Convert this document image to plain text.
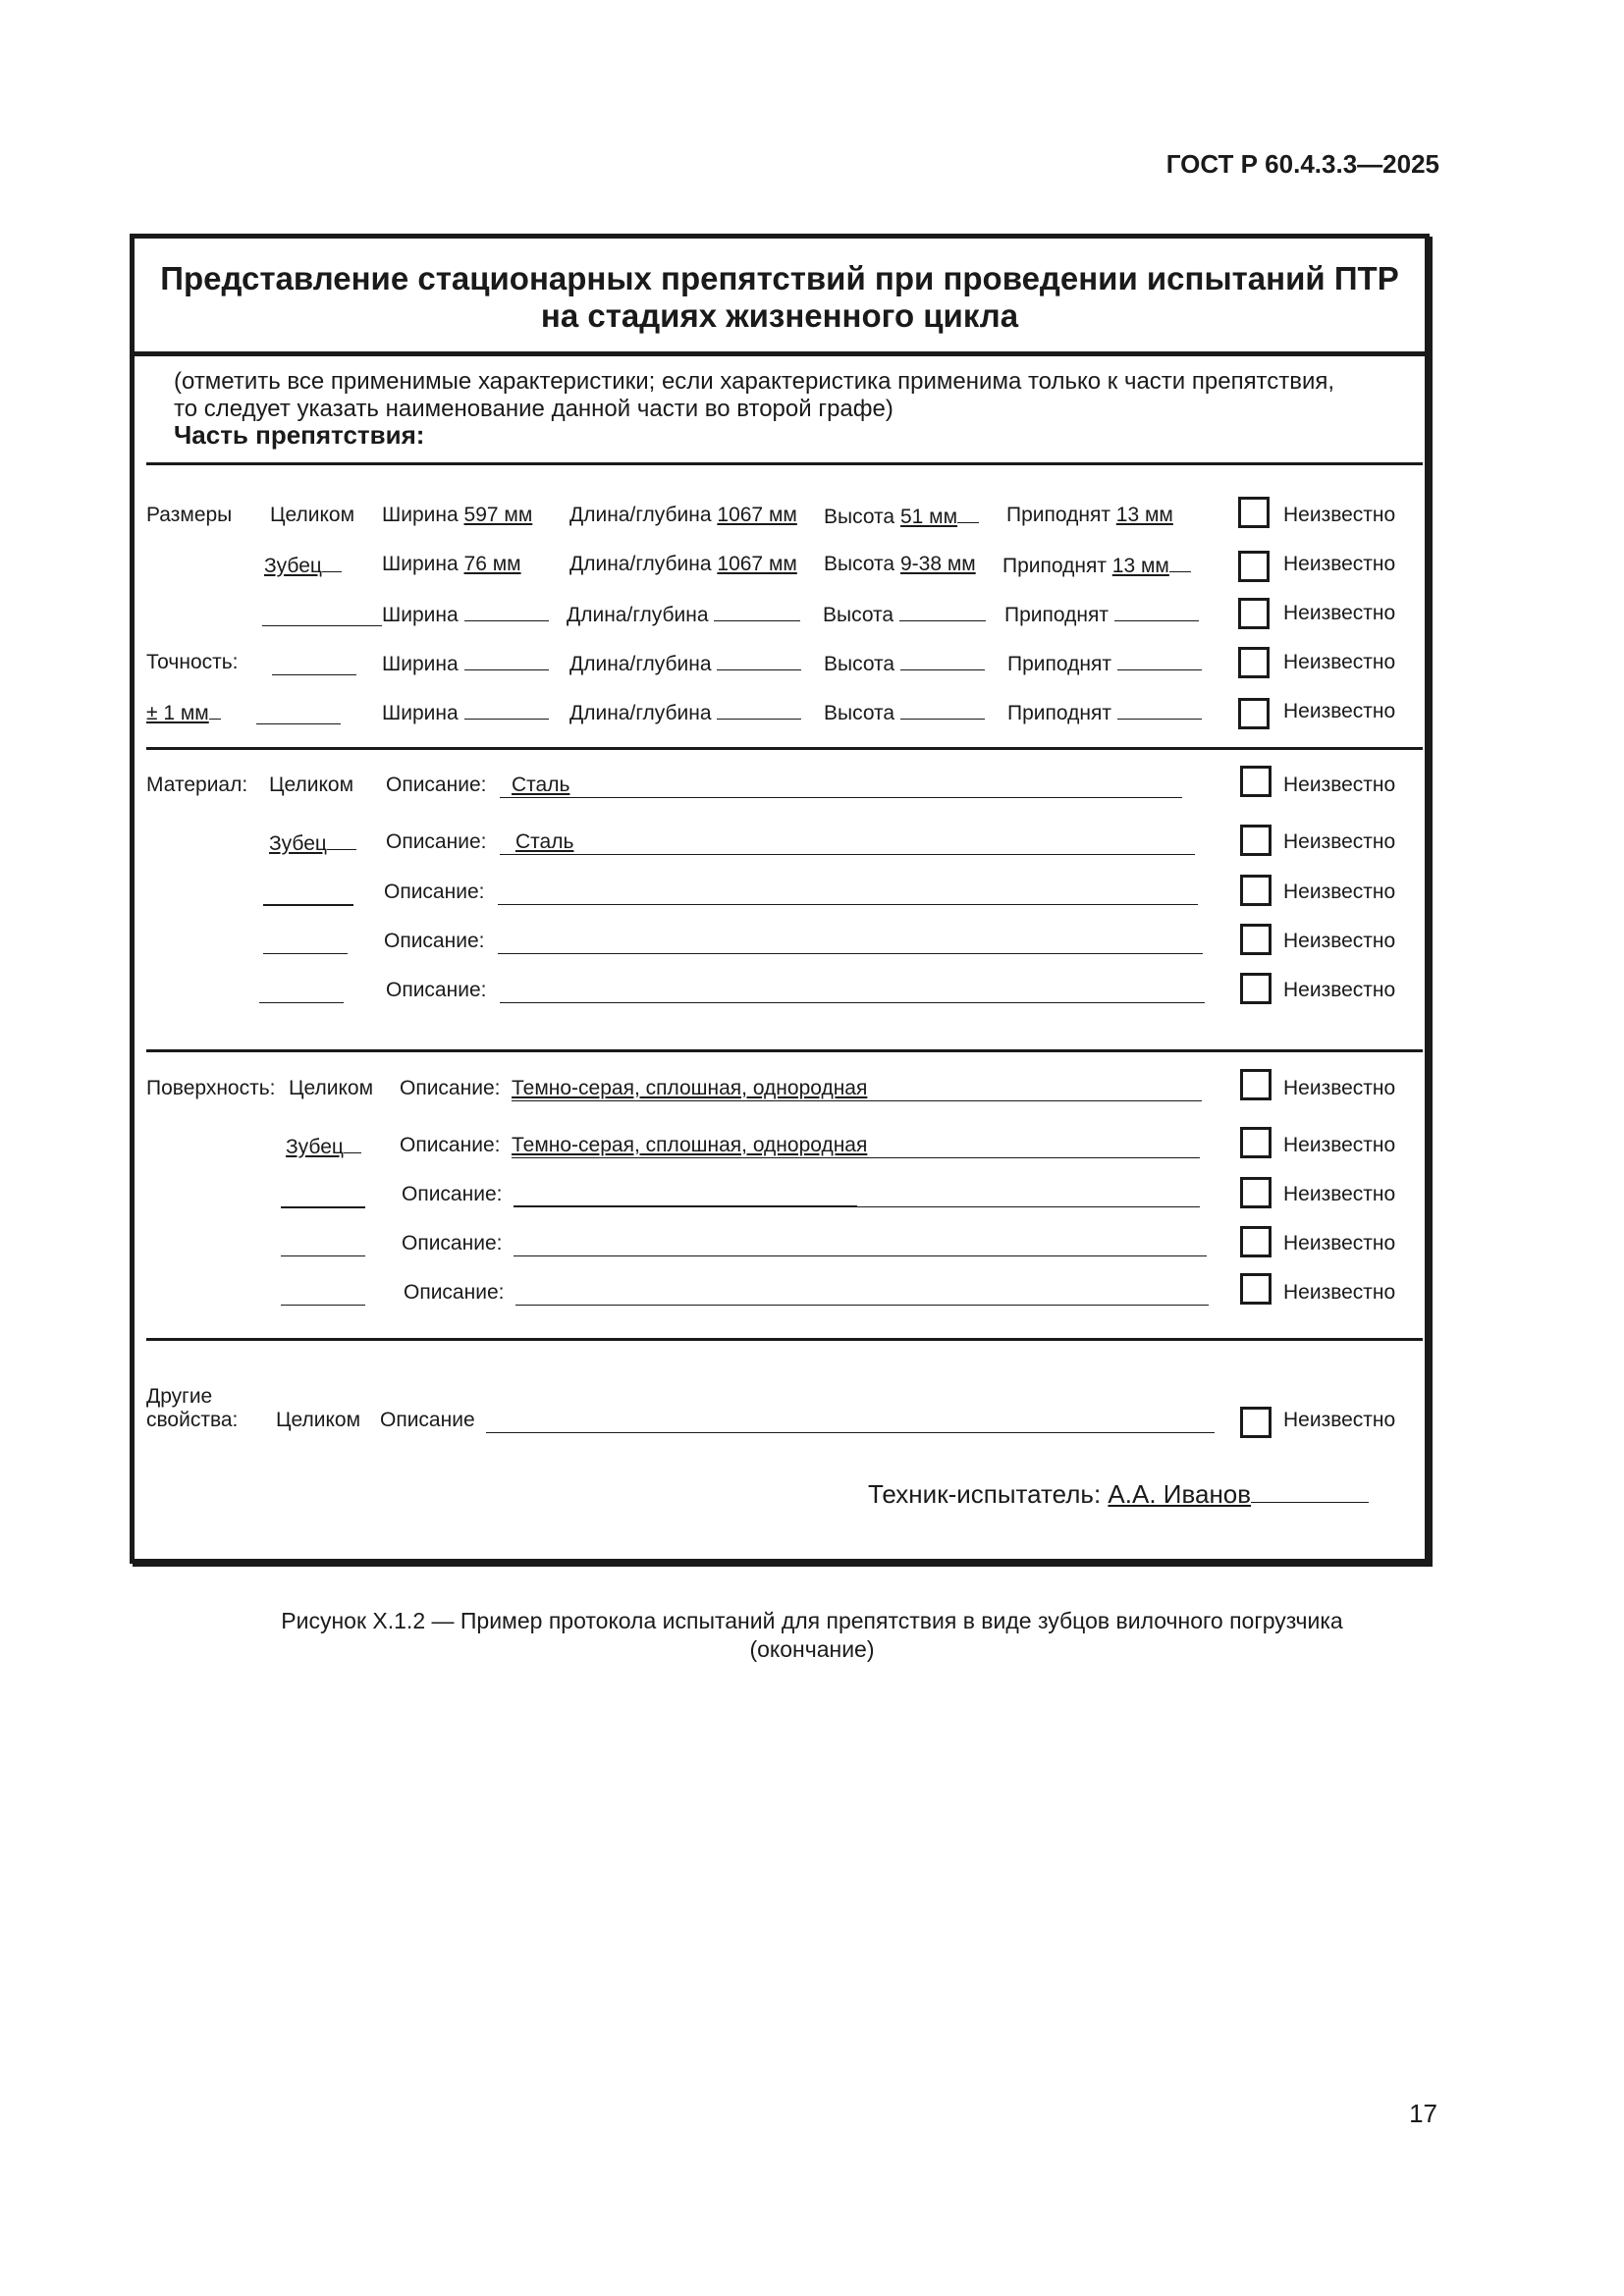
ГОСТ Р 60.4.3.3—2025
Представление стационарных препятствий при проведении испытаний ПТР
на стадиях жизненного цикла
(отметить все применимые характеристики; если характеристика применима только к части препятствия,
то следует указать наименование данной части во второй графе)
Часть препятствия:
Размеры Целиком Ширина 597 мм Длина/глубина 1067 мм Высота 51 мм	Приподнят 13 мм	Неизвестно
Зубец	Ширина 76 мм Длина/глубина 1067 мм Высота 9-38 мм Приподнят 13 мм	Неизвестно
Ширина	Длина/глубина	Высота	Приподнят	Неизвестно
Точность:	Ширина	Длина/глубина	Высота	Приподнят	Неизвестно
± 1 мм	Ширина	Длина/глубина	Высота	Приподнят	Неизвестно
Материал: Целиком Описание: Сталь	Неизвестно
Зубец	Описание: Сталь	Неизвестно
Описание:	Неизвестно
Описание:	Неизвестно
Описание:	Неизвестно
Поверхность: Целиком Описание: Темно-серая, сплошная, однородная	Неизвестно
Зубец	Описание: Темно-серая, сплошная, однородная	Неизвестно
Описание:	Неизвестно
Описание:	Неизвестно
Описание:	Неизвестно
Другие
свойства: Целиком Описание	Неизвестно
Техник-испытатель: А.А. Иванов
Рисунок X.1.2 — Пример протокола испытаний для препятствия в виде зубцов вилочного погрузчика
(окончание)
17
